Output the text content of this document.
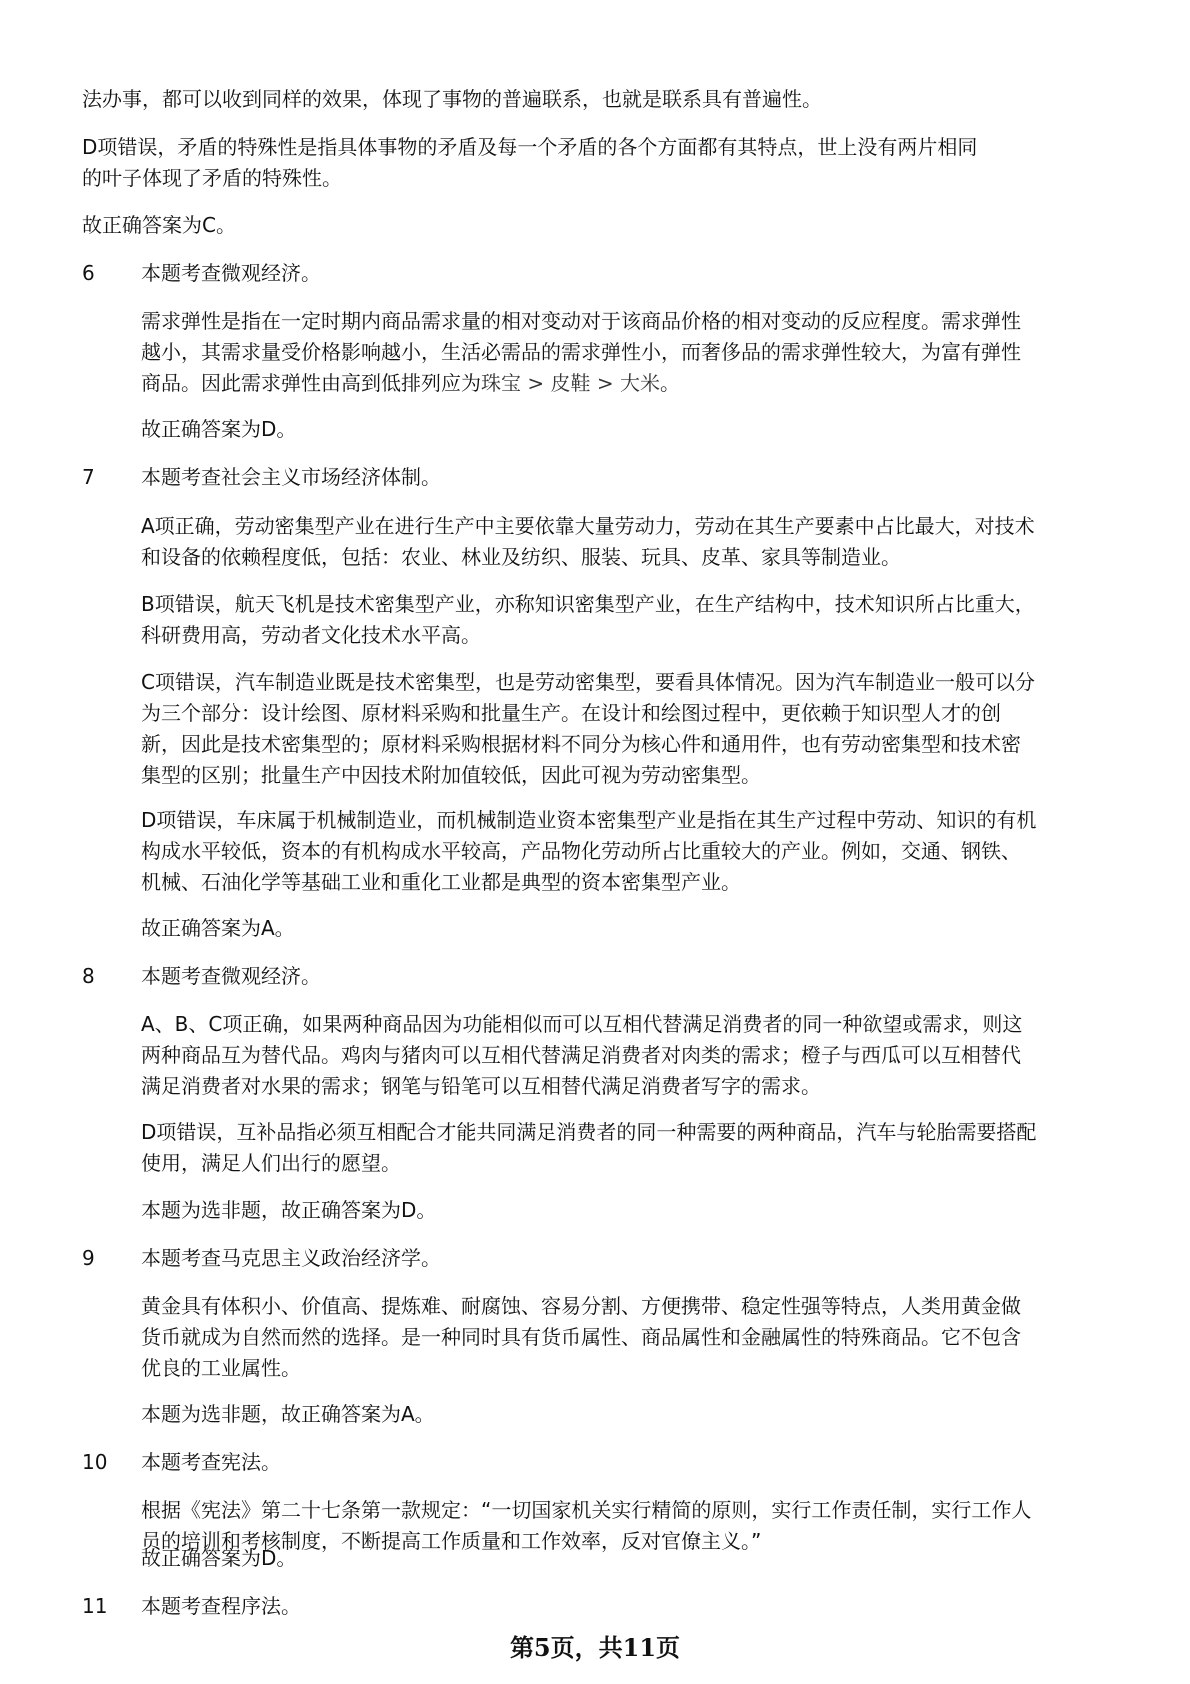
法办事，都可以收到同样的效果，体现了事物的普遍联系，也就是联系具有普遍性。
D项错误，矛盾的特殊性是指具体事物的矛盾及每一个矛盾的各个方面都有其特点，世上没有两片相同
的叶子体现了矛盾的特殊性。
故正确答案为C。
6 本题考查微观经济。
需求弹性是指在一定时期内商品需求量的相对变动对于该商品价格的相对变动的反应程度。需求弹性
越小，其需求量受价格影响越小，生活必需品的需求弹性小，而奢侈品的需求弹性较大，为富有弹性
商品。因此需求弹性由高到低排列应为珠宝 > 皮鞋 > 大米。
故正确答案为D。
7 本题考查社会主义市场经济体制。
A项正确，劳动密集型产业在进行生产中主要依靠大量劳动力，劳动在其生产要素中占比最大，对技术
和设备的依赖程度低，包括：农业、林业及纺织、服装、玩具、皮革、家具等制造业。
B项错误，航天飞机是技术密集型产业，亦称知识密集型产业，在生产结构中，技术知识所占比重大，
科研费用高，劳动者文化技术水平高。
C项错误，汽车制造业既是技术密集型，也是劳动密集型，要看具体情况。因为汽车制造业一般可以分
为三个部分：设计绘图、原材料采购和批量生产。在设计和绘图过程中，更依赖于知识型人才的创
新，因此是技术密集型的；原材料采购根据材料不同分为核心件和通用件，也有劳动密集型和技术密
集型的区别；批量生产中因技术附加值较低，因此可视为劳动密集型。
D项错误，车床属于机械制造业，而机械制造业资本密集型产业是指在其生产过程中劳动、知识的有机
构成水平较低，资本的有机构成水平较高，产品物化劳动所占比重较大的产业。例如，交通、钢铁、
机械、石油化学等基础工业和重化工业都是典型的资本密集型产业。
故正确答案为A。
8 本题考查微观经济。
A、B、C项正确，如果两种商品因为功能相似而可以互相代替满足消费者的同一种欲望或需求，则这
两种商品互为替代品。鸡肉与猪肉可以互相代替满足消费者对肉类的需求；橙子与西瓜可以互相替代
满足消费者对水果的需求；钢笔与铅笔可以互相替代满足消费者写字的需求。
D项错误，互补品指必须互相配合才能共同满足消费者的同一种需要的两种商品，汽车与轮胎需要搭配
使用，满足人们出行的愿望。
本题为选非题，故正确答案为D。
9 本题考查马克思主义政治经济学。
黄金具有体积小、价值高、提炼难、耐腐蚀、容易分割、方便携带、稳定性强等特点，人类用黄金做
货币就成为自然而然的选择。是一种同时具有货币属性、商品属性和金融属性的特殊商品。它不包含
优良的工业属性。
本题为选非题，故正确答案为A。
10 本题考查宪法。
根据《宪法》第二十七条第一款规定：“一切国家机关实行精简的原则，实行工作责任制，实行工作人
员的培训和考核制度，不断提高工作质量和工作效率，反对官僚主义。”
故正确答案为D。
11 本题考查程序法。
第5页，共11页
